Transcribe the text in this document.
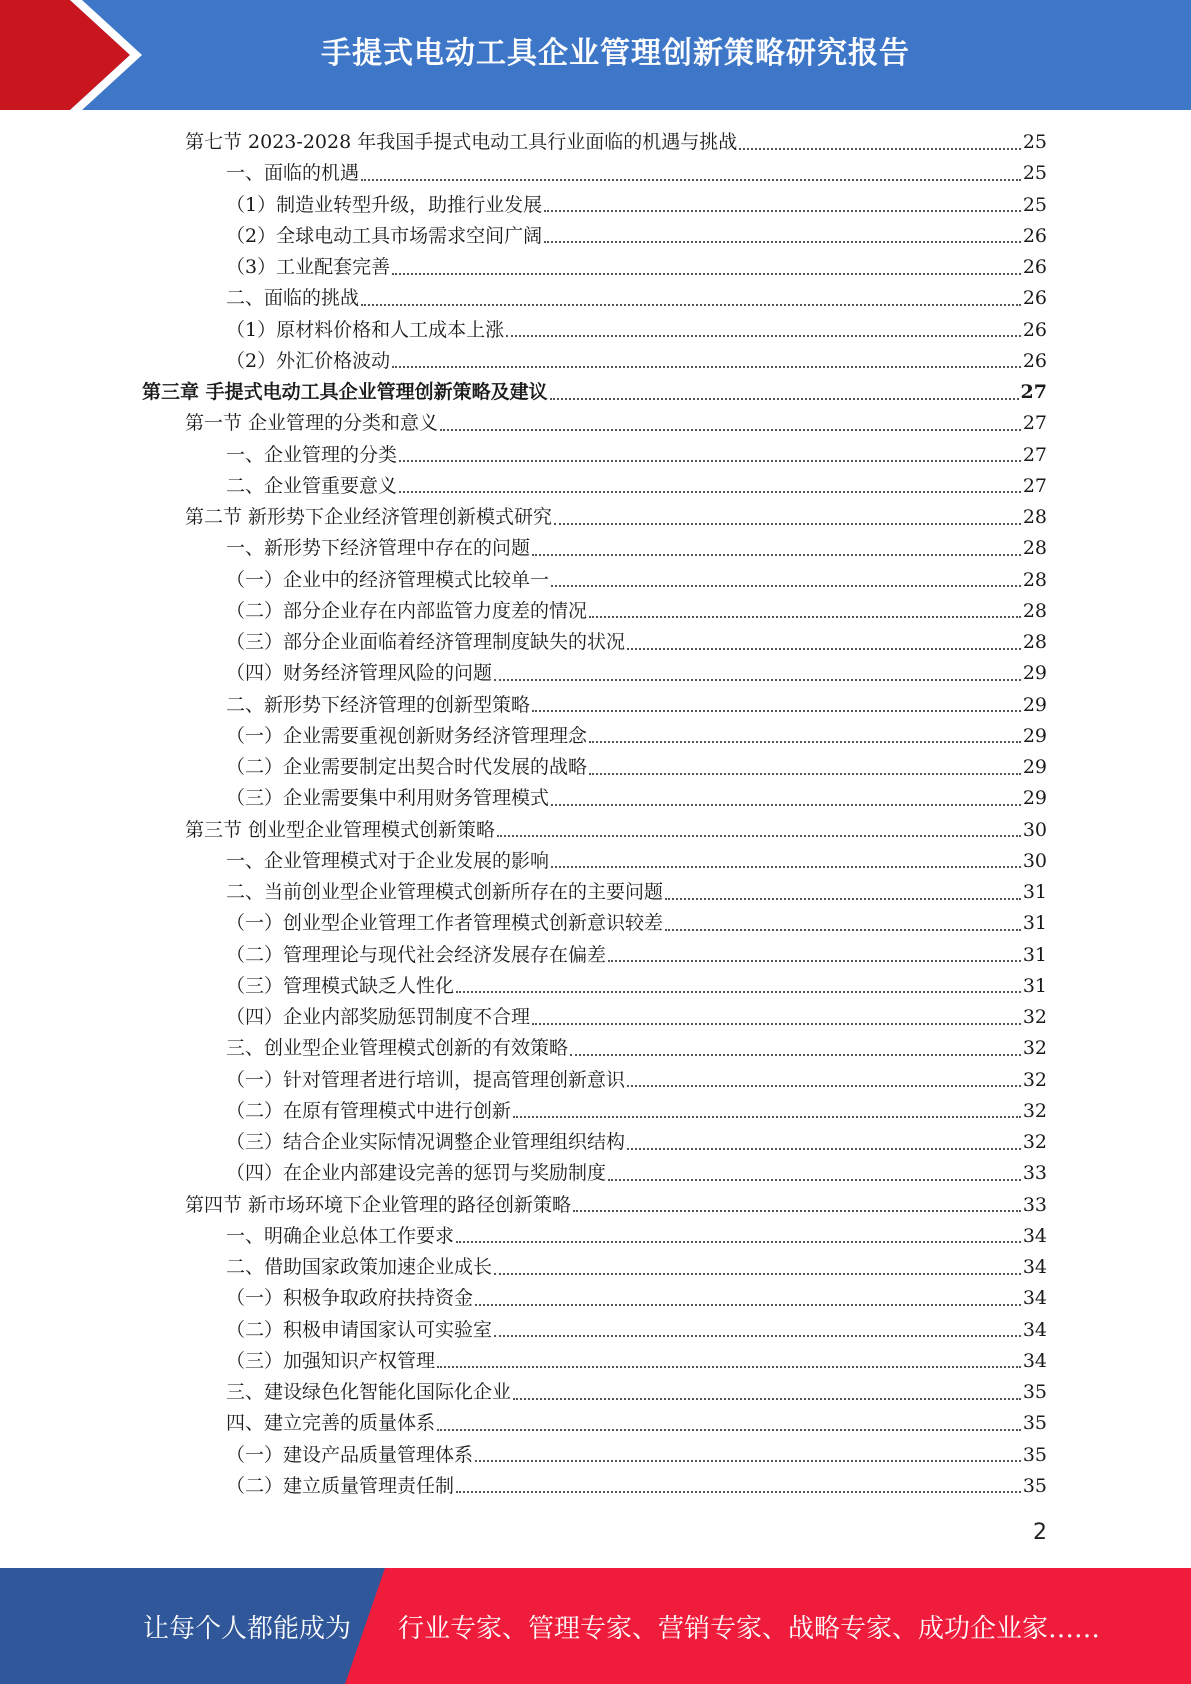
手提式电动工具企业管理创新策略研究报告
第七节 2023-2028 年我国手提式电动工具行业面临的机遇与挑战	25
一、面临的机遇	25
（1）制造业转型升级，助推行业发展	25
（2）全球电动工具市场需求空间广阔	26
（3）工业配套完善	26
二、面临的挑战	26
（1）原材料价格和人工成本上涨	26
（2）外汇价格波动	26
第三章 手提式电动工具企业管理创新策略及建议	27
第一节 企业管理的分类和意义	27
一、企业管理的分类	27
二、企业管重要意义	27
第二节 新形势下企业经济管理创新模式研究	28
一、新形势下经济管理中存在的问题	28
（一）企业中的经济管理模式比较单一	28
（二）部分企业存在内部监管力度差的情况	28
（三）部分企业面临着经济管理制度缺失的状况	28
（四）财务经济管理风险的问题	29
二、新形势下经济管理的创新型策略	29
（一）企业需要重视创新财务经济管理理念	29
（二）企业需要制定出契合时代发展的战略	29
（三）企业需要集中利用财务管理模式	29
第三节 创业型企业管理模式创新策略	30
一、企业管理模式对于企业发展的影响	30
二、当前创业型企业管理模式创新所存在的主要问题	31
（一）创业型企业管理工作者管理模式创新意识较差	31
（二）管理理论与现代社会经济发展存在偏差	31
（三）管理模式缺乏人性化	31
（四）企业内部奖励惩罚制度不合理	32
三、创业型企业管理模式创新的有效策略	32
（一）针对管理者进行培训，提高管理创新意识	32
（二）在原有管理模式中进行创新	32
（三）结合企业实际情况调整企业管理组织结构	32
（四）在企业内部建设完善的惩罚与奖励制度	33
第四节 新市场环境下企业管理的路径创新策略	33
一、明确企业总体工作要求	34
二、借助国家政策加速企业成长	34
（一）积极争取政府扶持资金	34
（二）积极申请国家认可实验室	34
（三）加强知识产权管理	34
三、建设绿色化智能化国际化企业	35
四、建立完善的质量体系	35
（一）建设产品质量管理体系	35
（二）建立质量管理责任制	35
2
让每个人都能成为 行业专家、管理专家、营销专家、战略专家、成功企业家……
